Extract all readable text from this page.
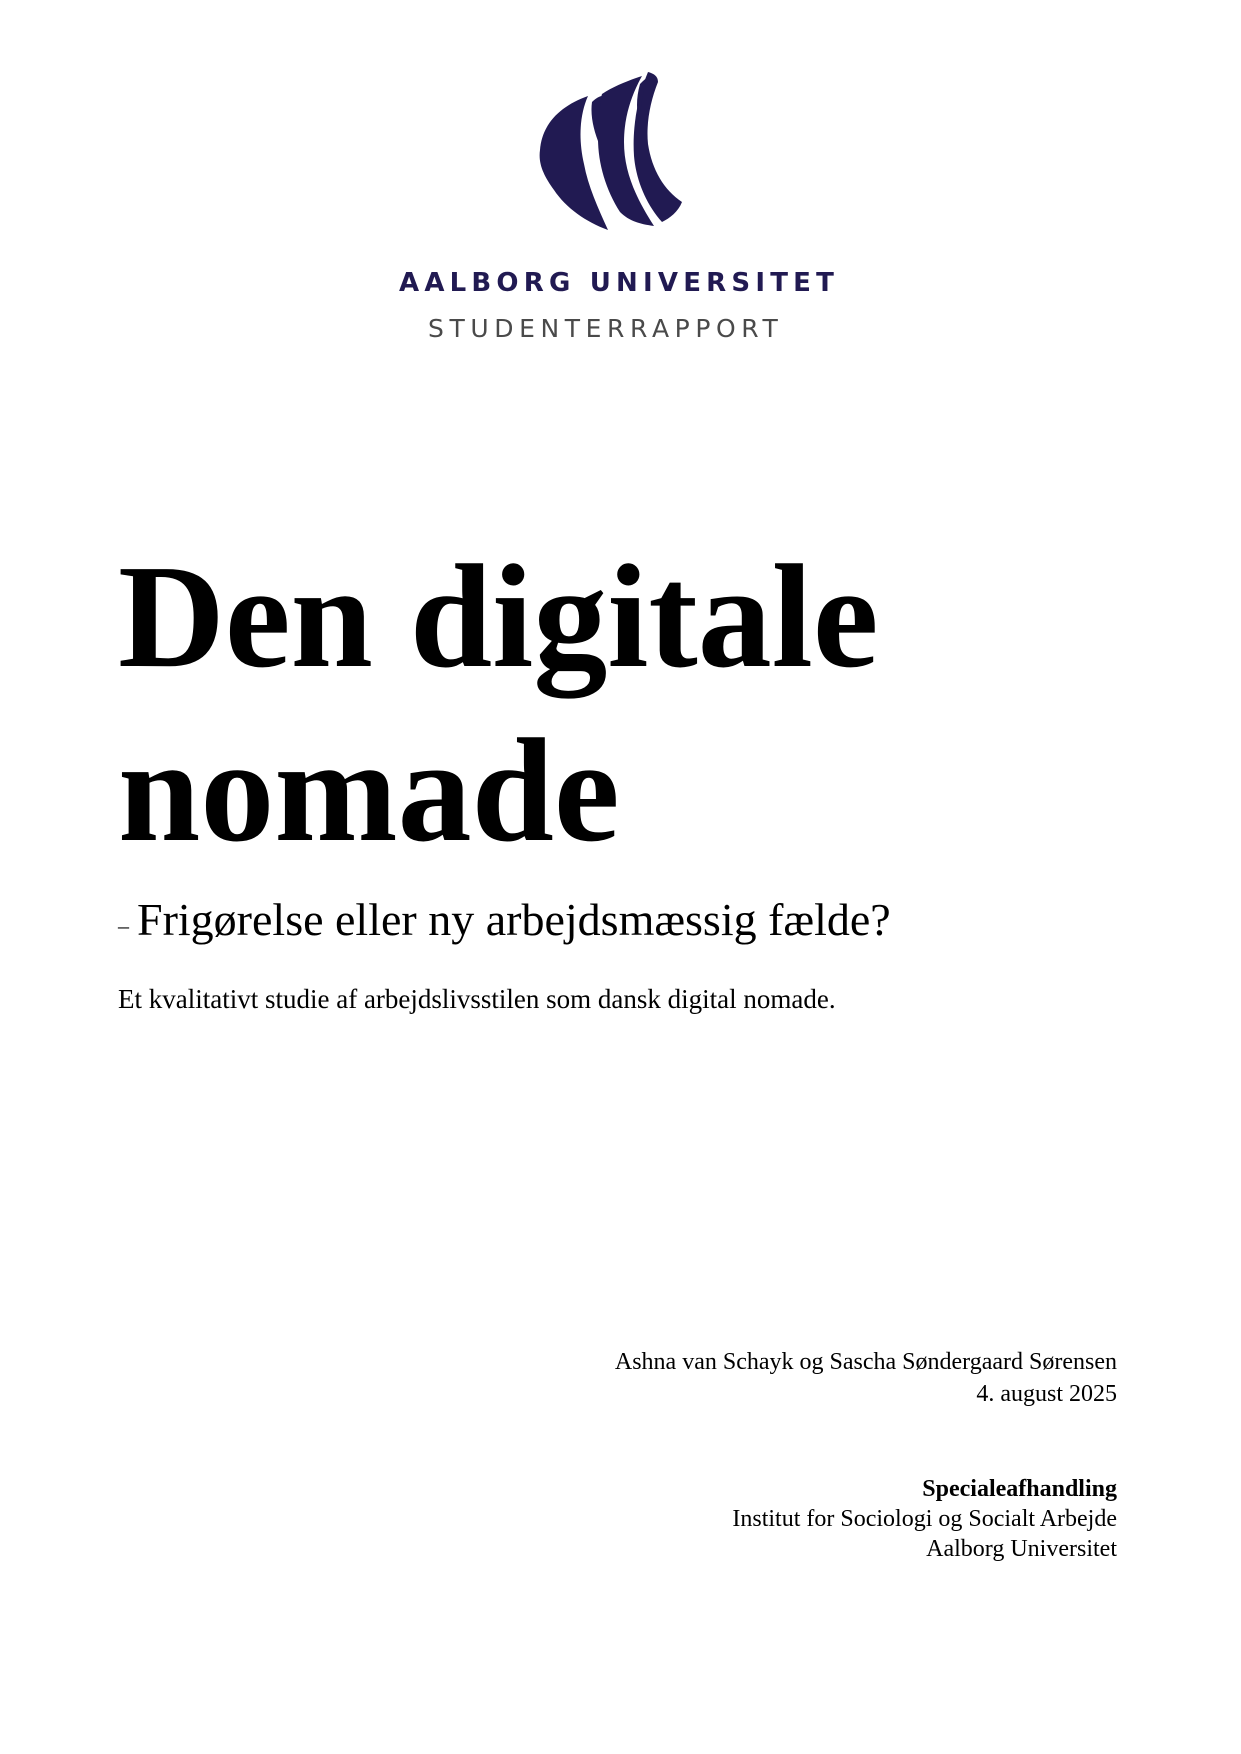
AALBORG UNIVERSITET
STUDENTERRAPPORT
Den digitale
nomade

– Frigørelse eller ny arbejdsmæssig fælde?

Et kvalitativt studie af arbejdslivsstilen som dansk digital nomade.

Ashna van Schayk og Sascha Søndergaard Sørensen
4. august 2025
Specialeafhandling
Institut for Sociologi og Socialt Arbejde
Aalborg Universitet
